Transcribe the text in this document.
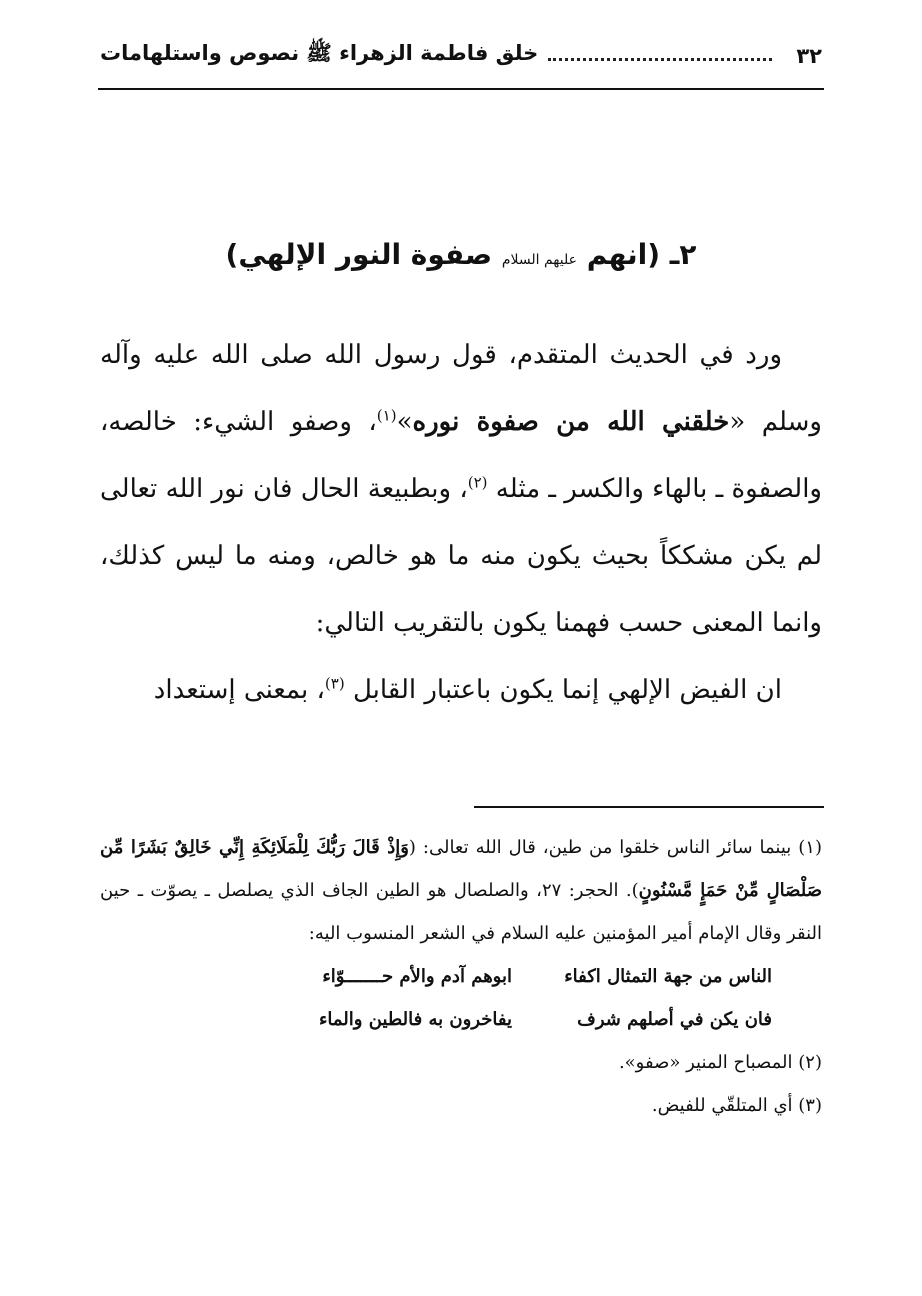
٣٢
خلق فاطمة الزهراء ﷺ نصوص واستلهامات
٢ـ (انهم عليهم السلام صفوة النور الإلهي)

ورد في الحديث المتقدم، قول رسول الله صلى الله عليه وآله وسلم «خلقني الله من صفوة نوره»$^{(١)}$، وصفو الشيء: خالصه، والصفوة ـ بالهاء والكسر ـ مثله $^{(٢)}$، وبطبيعة الحال فان نور الله تعالى لم يكن مشككاً بحيث يكون منه ما هو خالص، ومنه ما ليس كذلك، وانما المعنى حسب فهمنا يكون بالتقريب التالي:

ان الفيض الإلهي إنما يكون باعتبار القابل $^{(٣)}$، بمعنى إستعداد

(١) بينما سائر الناس خلقوا من طين، قال الله تعالى: (وَإِذْ قَالَ رَبُّكَ لِلْمَلَائِكَةِ إِنِّي خَالِقٌ بَشَرًا مِّن صَلْصَالٍ مِّنْ حَمَإٍ مَّسْنُونٍ). الحجر: ٢٧، والصلصال هو الطين الجاف الذي يصلصل ـ يصوّت ـ حين النقر وقال الإمام أمير المؤمنين عليه السلام في الشعر المنسوب اليه:

الناس من جهة التمثال اكفاء
ابوهم آدم والأم حـــــــوّاء
فان يكن في أصلهم شرف
يفاخرون به فالطين والماء

(٢) المصباح المنير «صفو».

(٣) أي المتلقّي للفيض.
